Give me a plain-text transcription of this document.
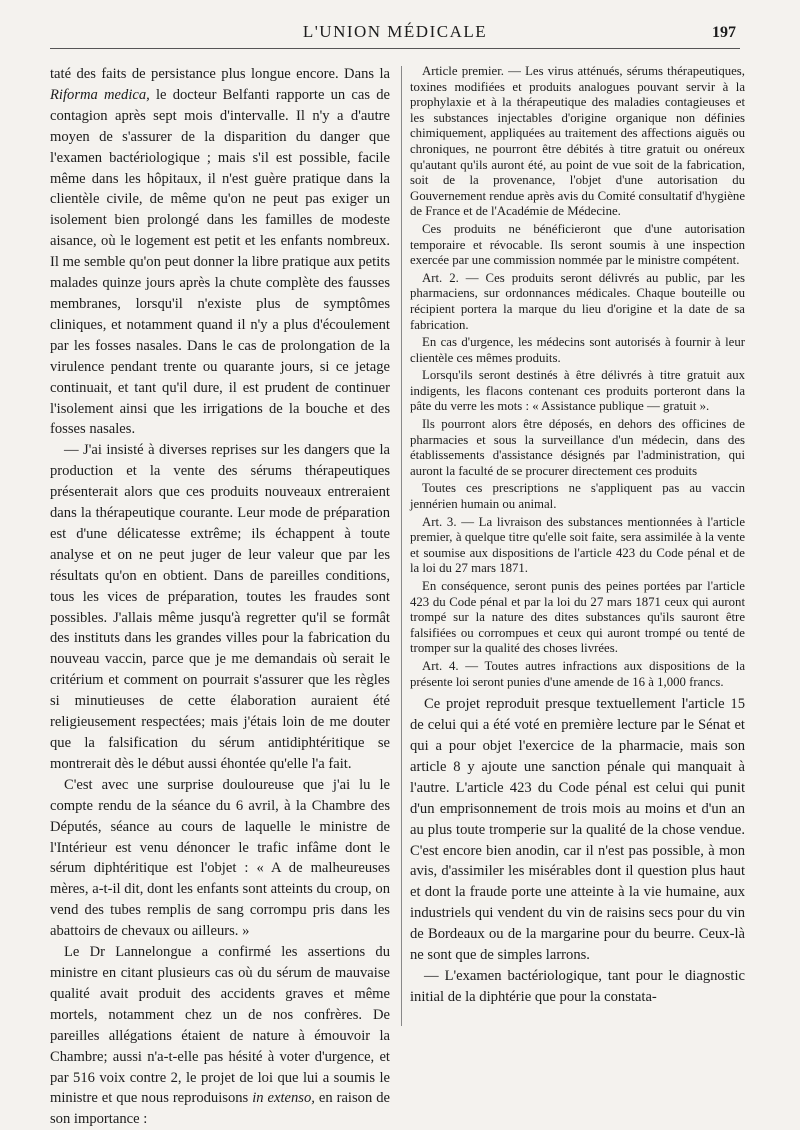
L'UNION MÉDICALE	197

taté des faits de persistance plus longue encore. Dans la Riforma medica, le docteur Belfanti rapporte un cas de contagion après sept mois d'intervalle. Il n'y a d'autre moyen de s'assurer de la disparition du danger que l'examen bactériologique ; mais s'il est possible, facile même dans les hôpitaux, il n'est guère pratique dans la clientèle civile, de même qu'on ne peut pas exiger un isolement bien prolongé dans les familles de modeste aisance, où le logement est petit et les enfants nombreux. Il me semble qu'on peut donner la libre pratique aux petits malades quinze jours après la chute complète des fausses membranes, lorsqu'il n'existe plus de symptômes cliniques, et notamment quand il n'y a plus d'écoulement par les fosses nasales. Dans le cas de prolongation de la virulence pendant trente ou quarante jours, si ce jetage continuait, et tant qu'il dure, il est prudent de continuer l'isolement ainsi que les irrigations de la bouche et des fosses nasales.

— J'ai insisté à diverses reprises sur les dangers que la production et la vente des sérums thérapeutiques présenterait alors que ces produits nouveaux entreraient dans la thérapeutique courante. Leur mode de préparation est d'une délicatesse extrême; ils échappent à toute analyse et on ne peut juger de leur valeur que par les résultats qu'on en obtient. Dans de pareilles conditions, tous les vices de préparation, toutes les fraudes sont possibles. J'allais même jusqu'à regretter qu'il se formât des instituts dans les grandes villes pour la fabrication du nouveau vaccin, parce que je me demandais où serait le critérium et comment on pourrait s'assurer que les règles si minutieuses de cette élaboration auraient été religieusement respectées; mais j'étais loin de me douter que la falsification du sérum antidiphtéritique se montrerait dès le début aussi éhontée qu'elle l'a fait.

C'est avec une surprise douloureuse que j'ai lu le compte rendu de la séance du 6 avril, à la Chambre des Députés, séance au cours de laquelle le ministre de l'Intérieur est venu dénoncer le trafic infâme dont le sérum diphtéritique est l'objet : « A de malheureuses mères, a-t-il dit, dont les enfants sont atteints du croup, on vend des tubes remplis de sang corrompu pris dans les abattoirs de chevaux ou ailleurs. »

Le Dr Lannelongue a confirmé les assertions du ministre en citant plusieurs cas où du sérum de mauvaise qualité avait produit des accidents graves et même mortels, notamment chez un de nos confrères. De pareilles allégations étaient de nature à émouvoir la Chambre; aussi n'a-t-elle pas hésité à voter d'urgence, et par 516 voix contre 2, le projet de loi que lui a soumis le ministre et que nous reproduisons in extenso, en raison de son importance :

Article premier. — Les virus atténués, sérums thérapeutiques, toxines modifiées et produits analogues pouvant servir à la prophylaxie et à la thérapeutique des maladies contagieuses et les substances injectables d'origine organique non définies chimiquement, appliquées au traitement des affections aiguës ou chroniques, ne pourront être débités à titre gratuit ou onéreux qu'autant qu'ils auront été, au point de vue soit de la fabrication, soit de la provenance, l'objet d'une autorisation du Gouvernement rendue après avis du Comité consultatif d'hygiène de France et de l'Académie de Médecine.

Ces produits ne bénéficieront que d'une autorisation temporaire et révocable. Ils seront soumis à une inspection exercée par une commission nommée par le ministre compétent.

Art. 2. — Ces produits seront délivrés au public, par les pharmaciens, sur ordonnances médicales. Chaque bouteille ou récipient portera la marque du lieu d'origine et la date de sa fabrication.

En cas d'urgence, les médecins sont autorisés à fournir à leur clientèle ces mêmes produits.

Lorsqu'ils seront destinés à être délivrés à titre gratuit aux indigents, les flacons contenant ces produits porteront dans la pâte du verre les mots : « Assistance publique — gratuit ».

Ils pourront alors être déposés, en dehors des officines de pharmacies et sous la surveillance d'un médecin, dans des établissements d'assistance désignés par l'administration, qui auront la faculté de se procurer directement ces produits

Toutes ces prescriptions ne s'appliquent pas au vaccin jennérien humain ou animal.

Art. 3. — La livraison des substances mentionnées à l'article premier, à quelque titre qu'elle soit faite, sera assimilée à la vente et soumise aux dispositions de l'article 423 du Code pénal et de la loi du 27 mars 1871.

En conséquence, seront punis des peines portées par l'article 423 du Code pénal et par la loi du 27 mars 1871 ceux qui auront trompé sur la nature des dites substances qu'ils sauront être falsifiées ou corrompues et ceux qui auront trompé ou tenté de tromper sur la qualité des choses livrées.

Art. 4. — Toutes autres infractions aux dispositions de la présente loi seront punies d'une amende de 16 à 1,000 francs.

Ce projet reproduit presque textuellement l'article 15 de celui qui a été voté en première lecture par le Sénat et qui a pour objet l'exercice de la pharmacie, mais son article 8 y ajoute une sanction pénale qui manquait à l'autre. L'article 423 du Code pénal est celui qui punit d'un emprisonnement de trois mois au moins et d'un an au plus toute tromperie sur la qualité de la chose vendue. C'est encore bien anodin, car il n'est pas possible, à mon avis, d'assimiler les misérables dont il question plus haut et dont la fraude porte une atteinte à la vie humaine, aux industriels qui vendent du vin de raisins secs pour du vin de Bordeaux ou de la margarine pour du beurre. Ceux-là ne sont que de simples larrons.

— L'examen bactériologique, tant pour le diagnostic initial de la diphtérie que pour la constata-
